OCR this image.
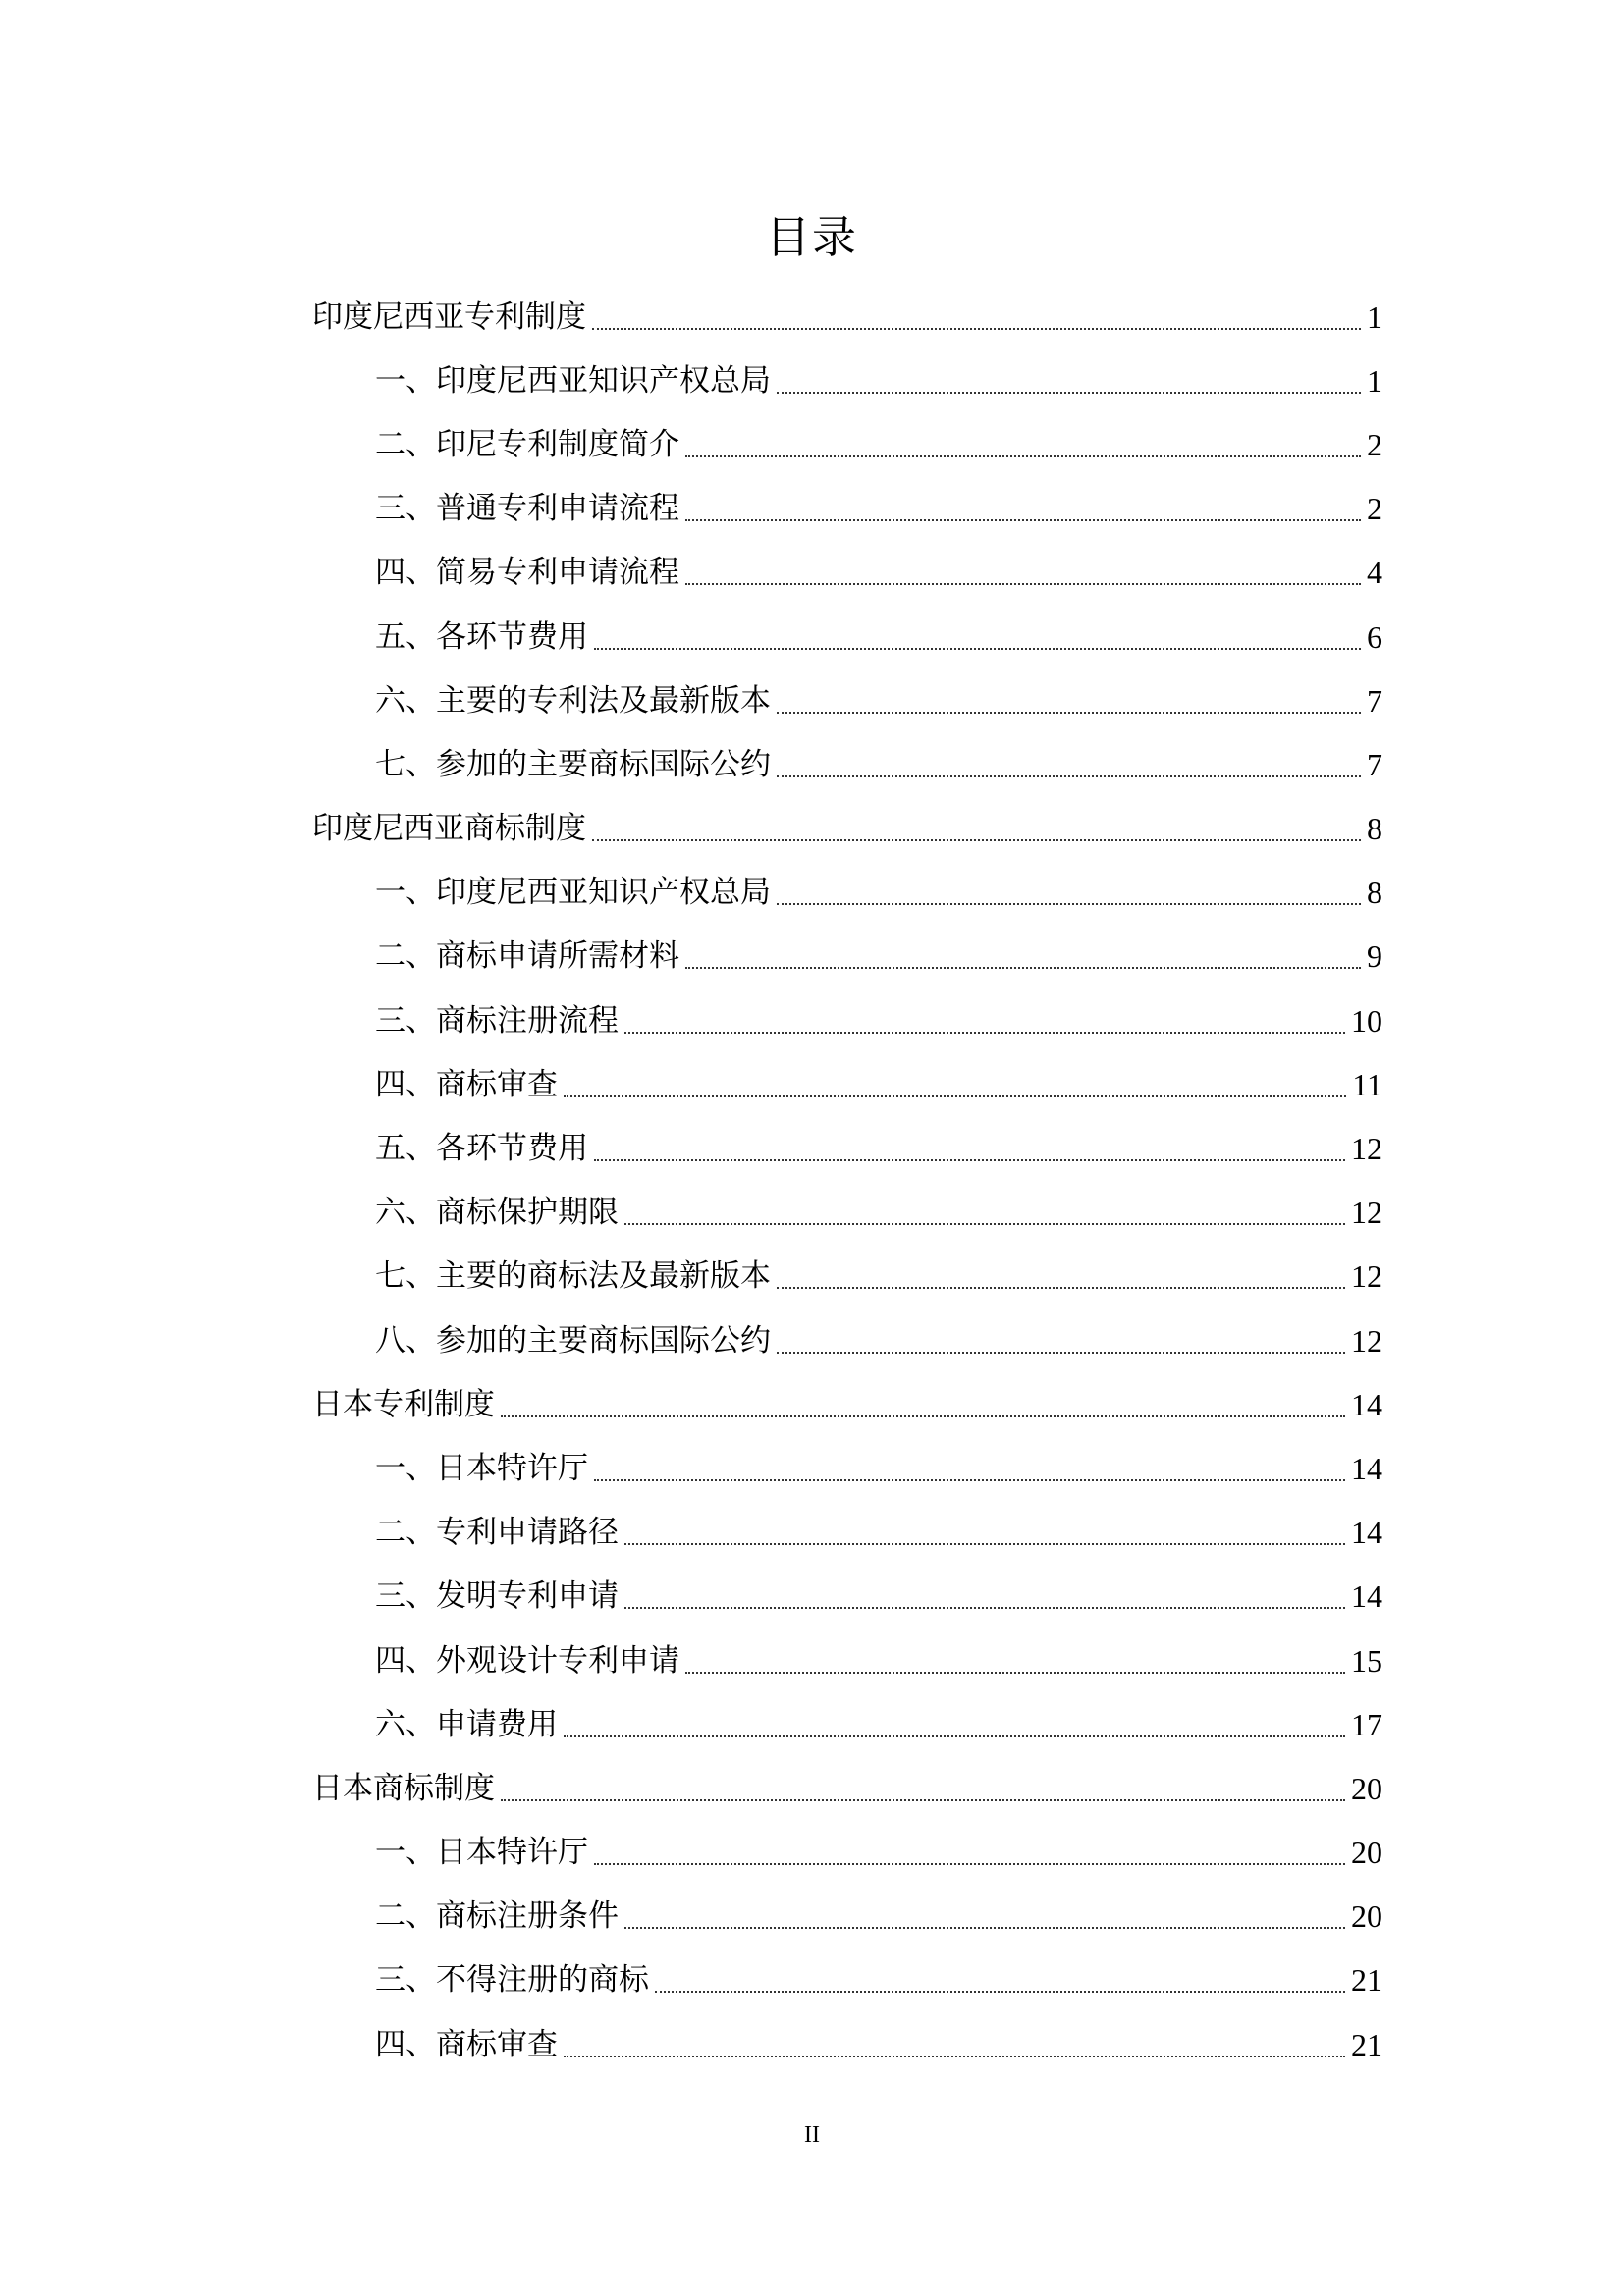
目录
印度尼西亚专利制度	1
一、印度尼西亚知识产权总局	1
二、印尼专利制度简介	2
三、普通专利申请流程	2
四、简易专利申请流程	4
五、各环节费用	6
六、主要的专利法及最新版本	7
七、参加的主要商标国际公约	7
印度尼西亚商标制度	8
一、印度尼西亚知识产权总局	8
二、商标申请所需材料	9
三、商标注册流程	10
四、商标审查	11
五、各环节费用	12
六、商标保护期限	12
七、主要的商标法及最新版本	12
八、参加的主要商标国际公约	12
日本专利制度	14
一、日本特许厅	14
二、专利申请路径	14
三、发明专利申请	14
四、外观设计专利申请	15
六、申请费用	17
日本商标制度	20
一、日本特许厅	20
二、商标注册条件	20
三、不得注册的商标	21
四、商标审查	21
II
